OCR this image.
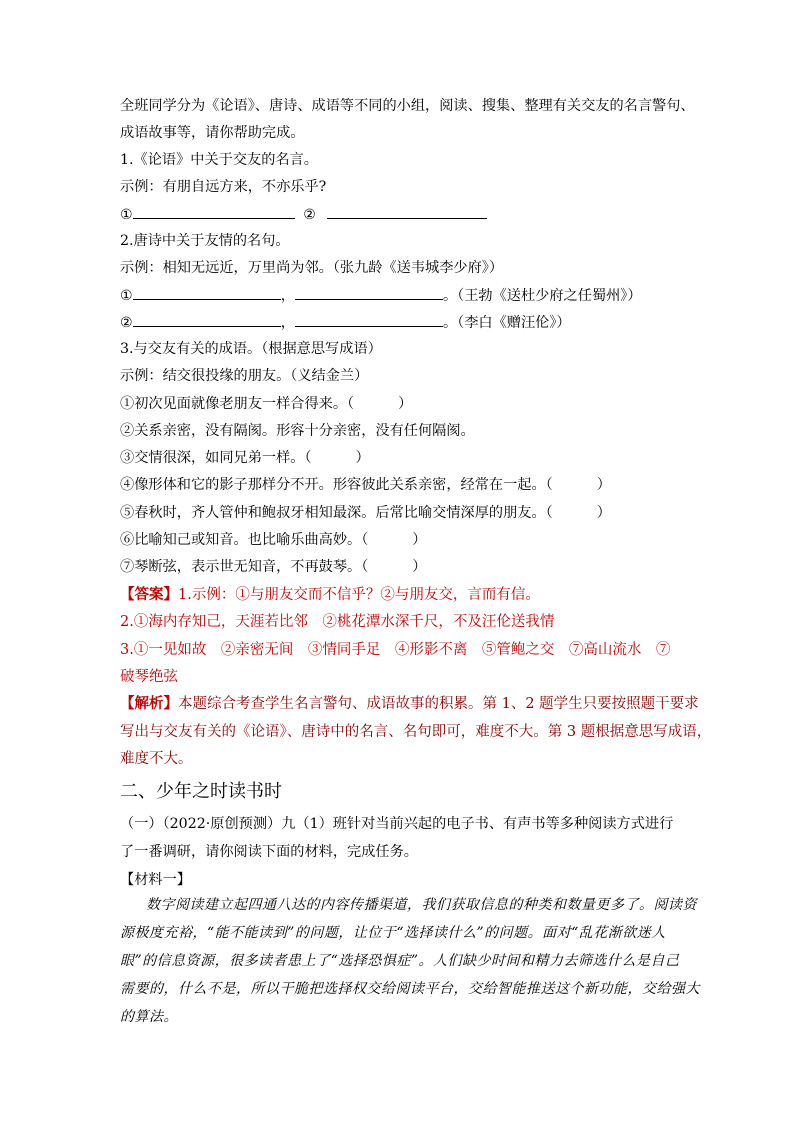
全班同学分为《论语》、唐诗、成语等不同的小组，阅读、搜集、整理有关交友的名言警句、
成语故事等，请你帮助完成。
1.《论语》中关于交友的名言。
示例：有朋自远方来，不亦乐乎?
①	②
2.唐诗中关于友情的名句。
示例：相知无远近，万里尚为邻。（张九龄《送韦城李少府》）
①	，	。（王勃《送杜少府之任蜀州》）
②	，	。（李白《赠汪伦》）
3.与交友有关的成语。（根据意思写成语）
示例：结交很投缘的朋友。（义结金兰）
①初次见面就像老朋友一样合得来。（	）
②关系亲密，没有隔阂。形容十分亲密，没有任何隔阂。
③交情很深，如同兄弟一样。（	）
④像形体和它的影子那样分不开。形容彼此关系亲密，经常在一起。（	）
⑤春秋时，齐人管仲和鲍叔牙相知最深。后常比喻交情深厚的朋友。（	）
⑥比喻知己或知音。也比喻乐曲高妙。（	）
⑦琴断弦，表示世无知音，不再鼓琴。（	）
【答案】1.示例：①与朋友交而不信乎？②与朋友交，言而有信。
2.①海内存知己，天涯若比邻　②桃花潭水深千尺，不及汪伦送我情
3.①一见如故　②亲密无间　③情同手足　④形影不离　⑤管鲍之交　⑦高山流水　⑦
破琴绝弦
【解析】本题综合考查学生名言警句、成语故事的积累。第 1、2 题学生只要按照题干要求
写出与交友有关的《论语》、唐诗中的名言、名句即可，难度不大。第 3 题根据意思写成语，
难度不大。
二、少年之时读书时
（一）（2022·原创预测）九（1）班针对当前兴起的电子书、有声书等多种阅读方式进行
了一番调研，请你阅读下面的材料，完成任务。
【材料一】
数字阅读建立起四通八达的内容传播渠道，我们获取信息的种类和数量更多了。阅读资
源极度充裕，“能不能读到”的问题，让位于“选择读什么”的问题。面对“乱花渐欲迷人
眼”的信息资源，很多读者患上了“选择恐惧症”。人们缺少时间和精力去筛选什么是自己
需要的，什么不是，所以干脆把选择权交给阅读平台，交给智能推送这个新功能，交给强大
的算法。
